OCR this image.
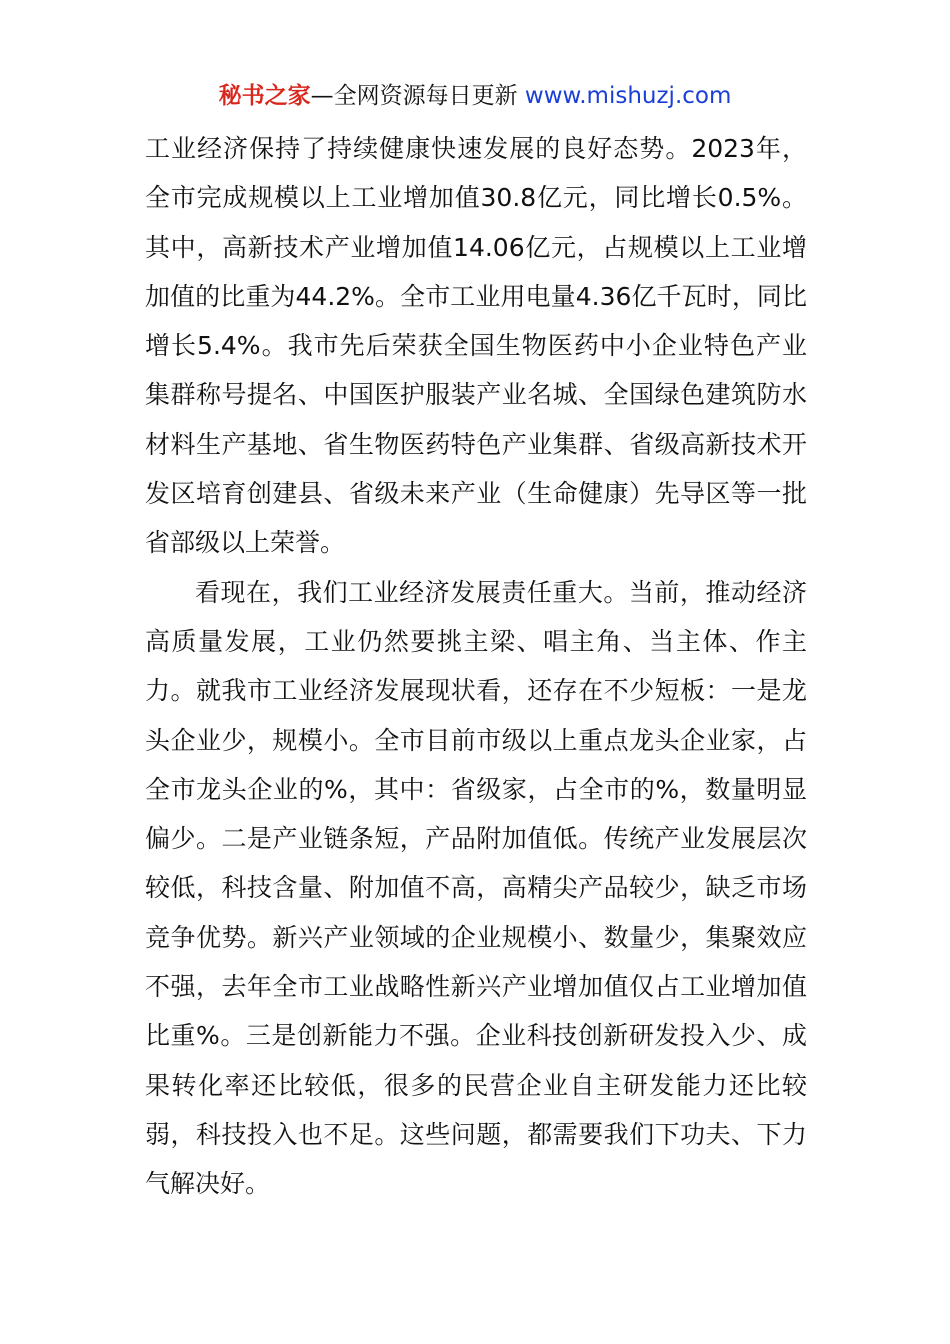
秘书之家—全网资源每日更新 www.mishuzj.com

工业经济保持了持续健康快速发展的良好态势。2023年，全市完成规模以上工业增加值30.8亿元，同比增长0.5%。其中，高新技术产业增加值14.06亿元，占规模以上工业增加值的比重为44.2%。全市工业用电量4.36亿千瓦时，同比增长5.4%。我市先后荣获全国生物医药中小企业特色产业集群称号提名、中国医护服装产业名城、全国绿色建筑防水材料生产基地、省生物医药特色产业集群、省级高新技术开发区培育创建县、省级未来产业（生命健康）先导区等一批省部级以上荣誉。

看现在，我们工业经济发展责任重大。当前，推动经济高质量发展，工业仍然要挑主梁、唱主角、当主体、作主力。就我市工业经济发展现状看，还存在不少短板：一是龙头企业少，规模小。全市目前市级以上重点龙头企业家，占全市龙头企业的%，其中：省级家，占全市的%，数量明显偏少。二是产业链条短，产品附加值低。传统产业发展层次较低，科技含量、附加值不高，高精尖产品较少，缺乏市场竞争优势。新兴产业领域的企业规模小、数量少，集聚效应不强，去年全市工业战略性新兴产业增加值仅占工业增加值比重%。三是创新能力不强。企业科技创新研发投入少、成果转化率还比较低，很多的民营企业自主研发能力还比较弱，科技投入也不足。这些问题，都需要我们下功夫、下力气解决好。
